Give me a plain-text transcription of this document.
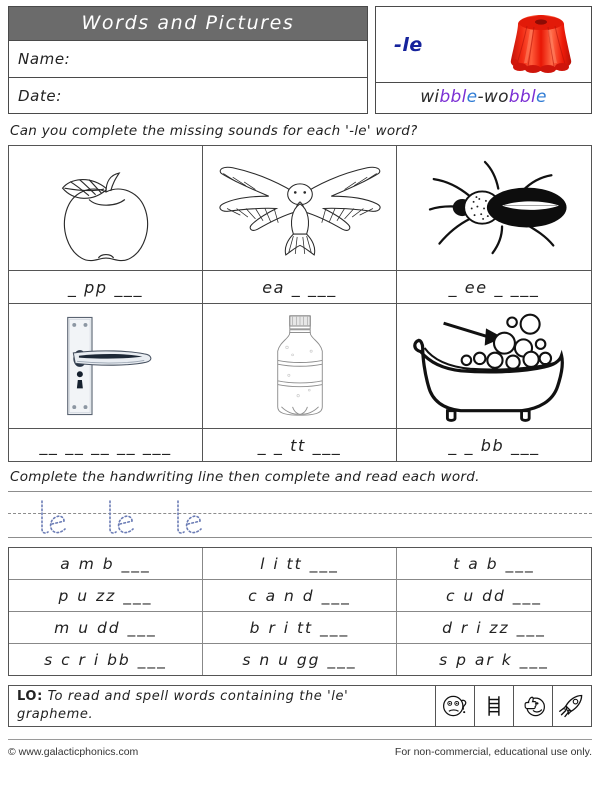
Words and Pictures
Name:
Date:
-le
wibble-wobble
Can you complete the missing sounds for each '-le' word?
_ pp ___	ea _ ___	_ ee _ ___
__ __ __ __ ___	_ _ tt ___	_ _ bb ___
Complete the handwriting line then complete and read each word.
a m b ___	l i tt ___	t a b ___
p u zz ___	c a n d ___	c u dd ___
m u dd ___	b r i tt ___	d r i zz ___
s c r i bb ___	s n u gg ___	s p ar k ___
LO: To read and spell words containing the 'le' grapheme.
© www.galacticphonics.com	For non-commercial, educational use only.
